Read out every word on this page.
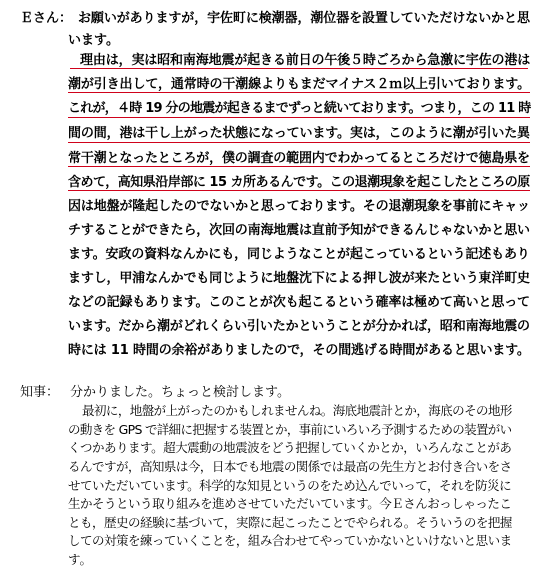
Ｅさん： お願いがありますが，宇佐町に検潮器，潮位器を設置していただけないかと思
います。
理由は，実は昭和南海地震が起きる前日の午後５時ごろから急激に宇佐の港は
潮が引き出して，通常時の干潮線よりもまだマイナス２ｍ以上引いております。
これが，４時 19 分の地震が起きるまでずっと続いております。つまり，この 11 時
間の間，港は干し上がった状態になっています。実は，このように潮が引いた異
常干潮となったところが，僕の調査の範囲内でわかってるところだけで徳島県を
含めて，高知県沿岸部に 15 カ所あるんです。この退潮現象を起こしたところの原
因は地盤が隆起したのでないかと思っております。その退潮現象を事前にキャッ
チすることができたら，次回の南海地震は直前予知ができるんじゃないかと思い
ます。安政の資料なんかにも，同じようなことが起こっているという記述もあり
ますし，甲浦なんかでも同じように地盤沈下による押し波が来たという東洋町史
などの記録もあります。このことが次も起こるという確率は極めて高いと思って
います。だから潮がどれくらい引いたかということが分かれば，昭和南海地震の
時には 11 時間の余裕がありましたので，その間逃げる時間があると思います。
知事： 分かりました。ちょっと検討します。
最初に，地盤が上がったのかもしれませんね。海底地震計とか，海底のその地形
の動きを GPS で詳細に把握する装置とか，事前にいろいろ予測するための装置がい
くつかあります。超大震動の地震波をどう把握していくかとか，いろんなことがあ
るんですが，高知県は今，日本でも地震の関係では最高の先生方とお付き合いをさ
せていただいています。科学的な知見というのをため込んでいって，それを防災に
生かそうという取り組みを進めさせていただいています。今Ｅさんおっしゃったこ
とも，歴史の経験に基づいて，実際に起こったことでやられる。そういうのを把握
しての対策を練っていくことを，組み合わせてやっていかないといけないと思いま
す。
